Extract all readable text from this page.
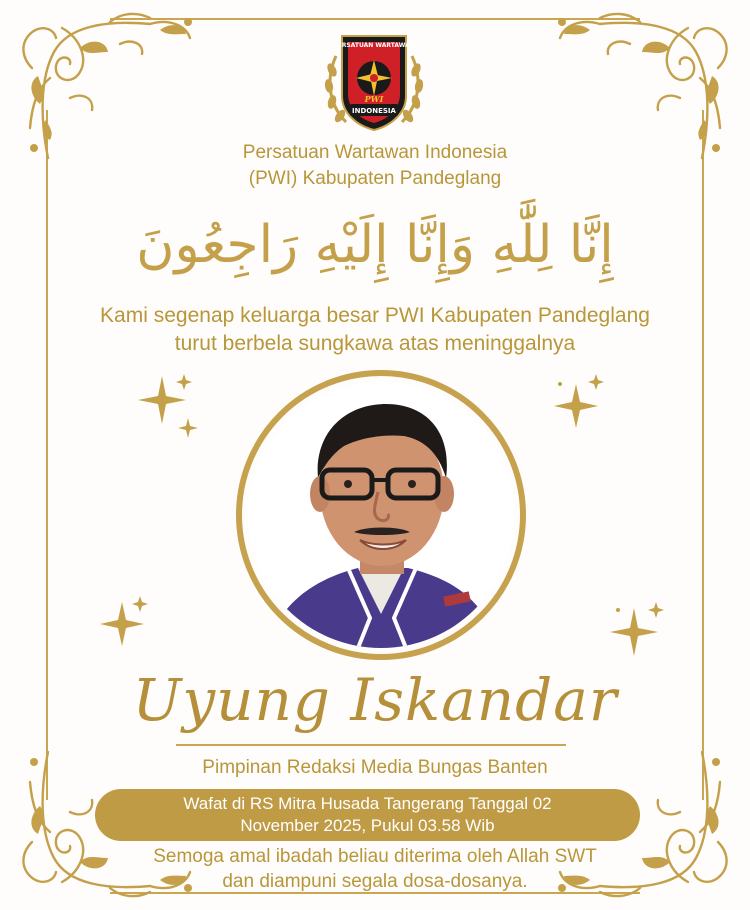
PERSATUAN WARTAWAN
PWI
INDONESIA
Persatuan Wartawan Indonesia
(PWI) Kabupaten Pandeglang
إِنَّا لِلَّٰهِ وَإِنَّا إِلَيْهِ رَاجِعُونَ
Kami segenap keluarga besar PWI Kabupaten Pandeglang
turut berbela sungkawa atas meninggalnya
Uyung Iskandar
Pimpinan Redaksi Media Bungas Banten
Wafat di RS Mitra Husada Tangerang Tanggal 02
November 2025, Pukul 03.58 Wib
Semoga amal ibadah beliau diterima oleh Allah SWT
dan diampuni segala dosa-dosanya.
